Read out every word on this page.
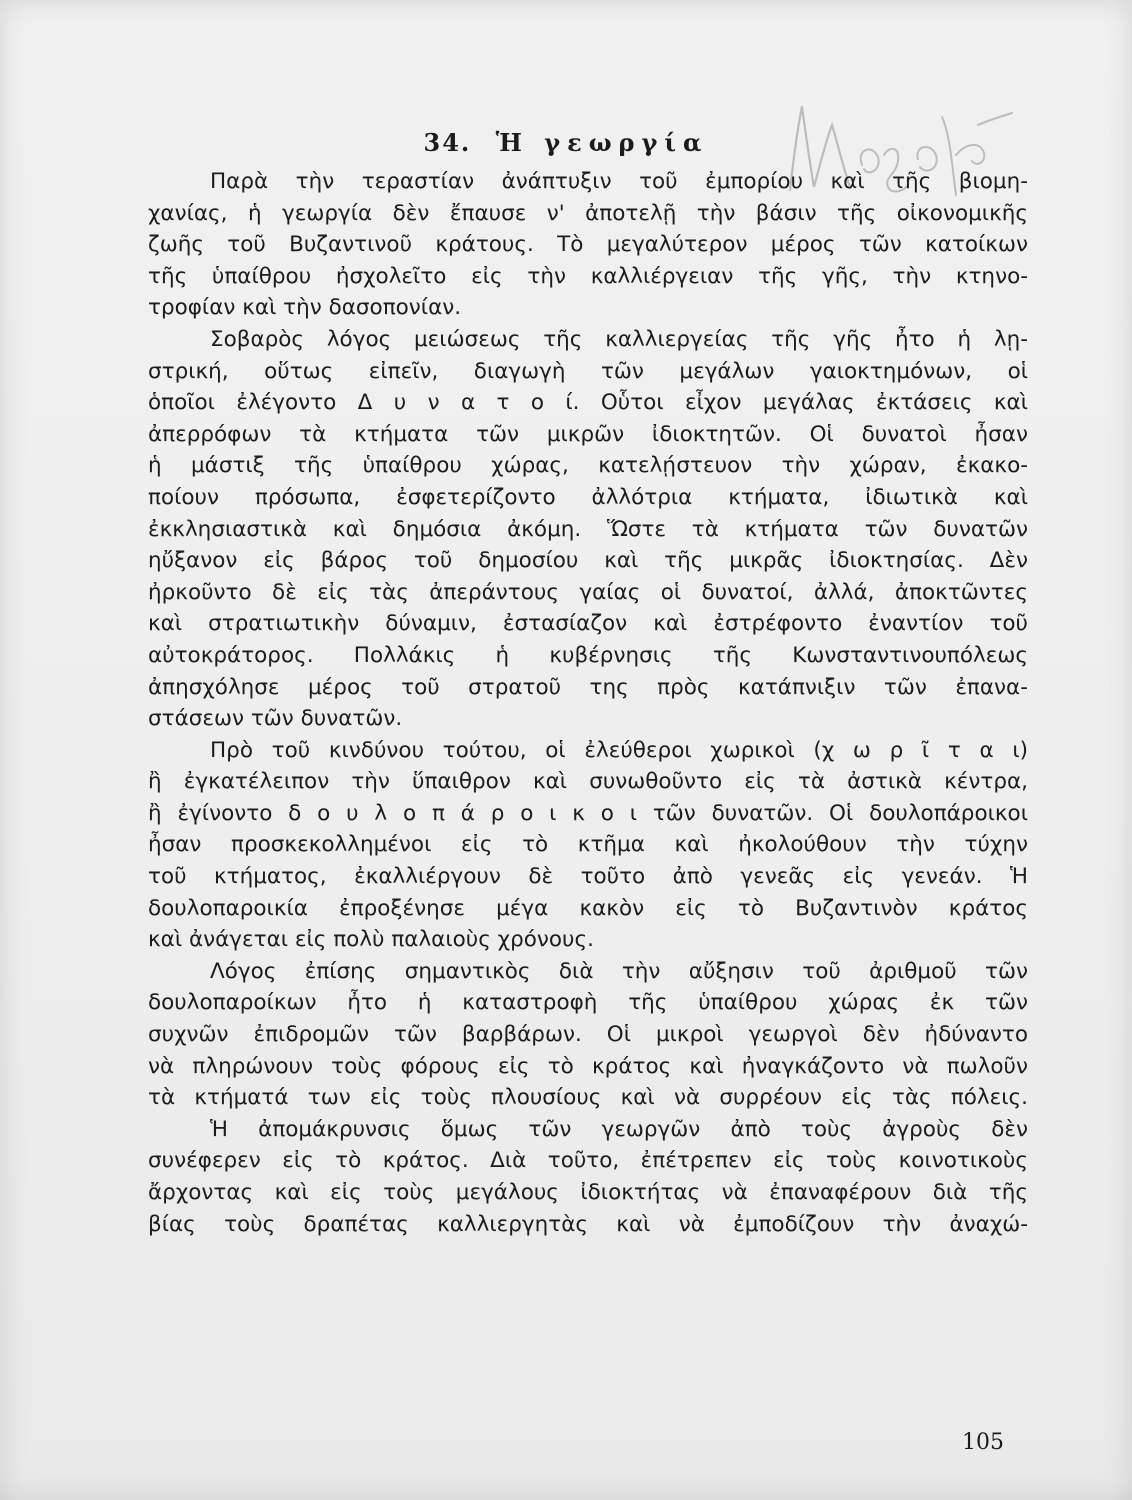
34. Ἡ γεωργία
Παρὰ τὴν τεραστίαν ἀνάπτυξιν τοῦ ἐμπορίου καὶ τῆς βιομη-
χανίας, ἡ γεωργία δὲν ἔπαυσε ν' ἀποτελῇ τὴν βάσιν τῆς οἰκονομικῆς
ζωῆς τοῦ Βυζαντινοῦ κράτους. Τὸ μεγαλύτερον μέρος τῶν κατοίκων
τῆς ὑπαίθρου ἠσχολεῖτο εἰς τὴν καλλιέργειαν τῆς γῆς, τὴν κτηνο-
τροφίαν καὶ τὴν δασοπονίαν.
Σοβαρὸς λόγος μειώσεως τῆς καλλιεργείας τῆς γῆς ἦτο ἡ λῃ-
στρική, οὕτως εἰπεῖν, διαγωγὴ τῶν μεγάλων γαιοκτημόνων, οἱ
ὁποῖοι ἐλέγοντο Δ υ ν α τ ο ί. Οὗτοι εἶχον μεγάλας ἐκτάσεις καὶ
ἀπερρόφων τὰ κτήματα τῶν μικρῶν ἰδιοκτητῶν. Οἱ δυνατοὶ ἦσαν
ἡ μάστιξ τῆς ὑπαίθρου χώρας, κατελῄστευον τὴν χώραν, ἐκακο-
ποίουν πρόσωπα, ἐσφετερίζοντο ἀλλότρια κτήματα, ἰδιωτικὰ καὶ
ἐκκλησιαστικὰ καὶ δημόσια ἀκόμη. Ὥστε τὰ κτήματα τῶν δυνατῶν
ηὔξανον εἰς βάρος τοῦ δημοσίου καὶ τῆς μικρᾶς ἰδιοκτησίας. Δὲν
ἠρκοῦντο δὲ εἰς τὰς ἀπεράντους γαίας οἱ δυνατοί, ἀλλά, ἀποκτῶντες
καὶ στρατιωτικὴν δύναμιν, ἐστασίαζον καὶ ἐστρέφοντο ἐναντίον τοῦ
αὐτοκράτορος. Πολλάκις ἡ κυβέρνησις τῆς Κωνσταντινουπόλεως
ἀπησχόλησε μέρος τοῦ στρατοῦ της πρὸς κατάπνιξιν τῶν ἐπανα-
στάσεων τῶν δυνατῶν.
Πρὸ τοῦ κινδύνου τούτου, οἱ ἐλεύθεροι χωρικοὶ (χ ω ρ ῖ τ α ι)
ἢ ἐγκατέλειπον τὴν ὕπαιθρον καὶ συνωθοῦντο εἰς τὰ ἀστικὰ κέντρα,
ἢ ἐγίνοντο δ ο υ λ ο π ά ρ ο ι κ ο ι τῶν δυνατῶν. Οἱ δουλοπάροικοι
ἦσαν προσκεκολλημένοι εἰς τὸ κτῆμα καὶ ἠκολούθουν τὴν τύχην
τοῦ κτήματος, ἐκαλλιέργουν δὲ τοῦτο ἀπὸ γενεᾶς εἰς γενεάν. Ἡ
δουλοπαροικία ἐπροξένησε μέγα κακὸν εἰς τὸ Βυζαντινὸν κράτος
καὶ ἀνάγεται εἰς πολὺ παλαιοὺς χρόνους.
Λόγος ἐπίσης σημαντικὸς διὰ τὴν αὔξησιν τοῦ ἀριθμοῦ τῶν
δουλοπαροίκων ἦτο ἡ καταστροφὴ τῆς ὑπαίθρου χώρας ἐκ τῶν
συχνῶν ἐπιδρομῶν τῶν βαρβάρων. Οἱ μικροὶ γεωργοὶ δὲν ἠδύναντο
νὰ πληρώνουν τοὺς φόρους εἰς τὸ κράτος καὶ ἠναγκάζοντο νὰ πωλοῦν
τὰ κτήματά των εἰς τοὺς πλουσίους καὶ νὰ συρρέουν εἰς τὰς πόλεις.
Ἡ ἀπομάκρυνσις ὅμως τῶν γεωργῶν ἀπὸ τοὺς ἀγροὺς δὲν
συνέφερεν εἰς τὸ κράτος. Διὰ τοῦτο, ἐπέτρεπεν εἰς τοὺς κοινοτικοὺς
ἄρχοντας καὶ εἰς τοὺς μεγάλους ἰδιοκτήτας νὰ ἐπαναφέρουν διὰ τῆς
βίας τοὺς δραπέτας καλλιεργητὰς καὶ νὰ ἐμποδίζουν τὴν ἀναχώ-
105
